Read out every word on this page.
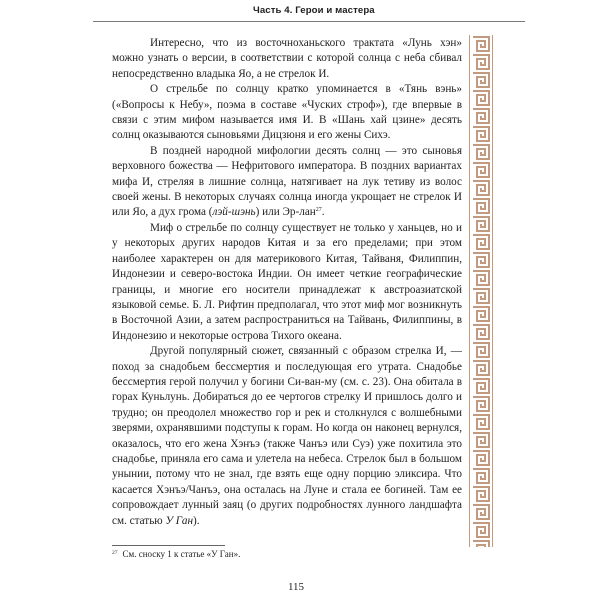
Часть 4. Герои и мастера

Интересно, что из восточноханьского трактата «Лунь хэн» можно узнать о версии, в соответствии с которой солнца с неба сбивал непосредственно владыка Яо, а не стрелок И.

О стрельбе по солнцу кратко упоминается в «Тянь вэнь» («Вопросы к Небу», поэма в составе «Чуских строф»), где впервые в связи с этим мифом называется имя И. В «Шань хай цзине» десять солнц оказываются сыновьями Дицзюня и его жены Сихэ.

В поздней народной мифологии десять солнц — это сыновья верховного божества — Нефритового императора. В поздних вариантах мифа И, стреляя в лишние солнца, натягивает на лук тетиву из волос своей жены. В некоторых случаях солнца иногда укрощает не стрелок И или Яо, а дух грома (лэй-шэнь) или Эр-лан$^{27}$.

Миф о стрельбе по солнцу существует не только у ханьцев, но и у некоторых других народов Китая и за его пределами; при этом наиболее характерен он для материкового Китая, Тайваня, Филиппин, Индонезии и северо-востока Индии. Он имеет четкие географические границы, и многие его носители принадлежат к австроазиатской языковой семье. Б. Л. Рифтин предполагал, что этот миф мог возникнуть в Восточной Азии, а затем распространиться на Тайвань, Филиппины, в Индонезию и некоторые острова Тихого океана.

Другой популярный сюжет, связанный с образом стрелка И, — поход за снадобьем бессмертия и последующая его утрата. Снадобье бессмертия герой получил у богини Си-ван-му (см. с. 23). Она обитала в горах Куньлунь. Добираться до ее чертогов стрелку И пришлось долго и трудно; он преодолел множество гор и рек и столкнулся с волшебными зверями, охранявшими подступы к горам. Но когда он наконец вернулся, оказалось, что его жена Хэнъэ (также Чанъэ или Суэ) уже похитила это снадобье, приняла его сама и улетела на небеса. Стрелок был в большом унынии, потому что не знал, где взять еще одну порцию эликсира. Что касается Хэнъэ/Чанъэ, она осталась на Луне и стала ее богиней. Там ее сопровождает лунный заяц (о других подробностях лунного ландшафта см. статью У Ган).

$^{27}$ См. сноску 1 к статье «У Ган».
115
